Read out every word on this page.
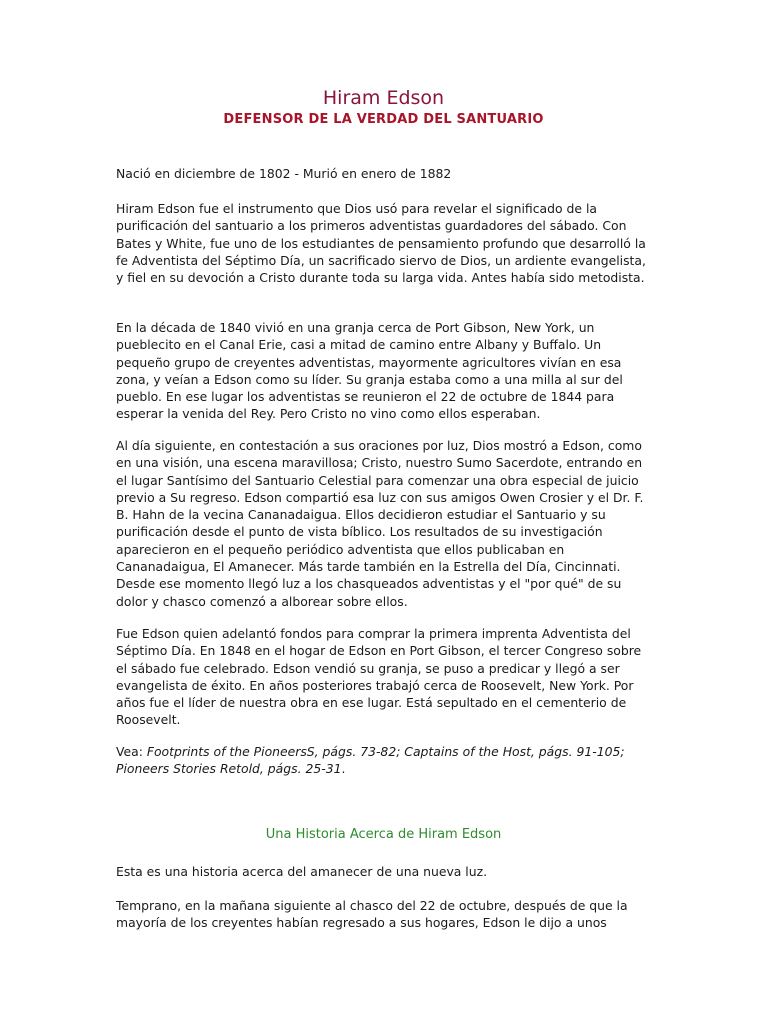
Hiram Edson
DEFENSOR DE LA VERDAD DEL SANTUARIO

Nació en diciembre de 1802 - Murió en enero de 1882

Hiram Edson fue el instrumento que Dios usó para revelar el significado de la purificación del santuario a los primeros adventistas guardadores del sábado. Con Bates y White, fue uno de los estudiantes de pensamiento profundo que desarrolló la fe Adventista del Séptimo Día, un sacrificado siervo de Dios, un ardiente evangelista, y fiel en su devoción a Cristo durante toda su larga vida. Antes había sido metodista.

En la década de 1840 vivió en una granja cerca de Port Gibson, New York, un pueblecito en el Canal Erie, casi a mitad de camino entre Albany y Buffalo. Un pequeño grupo de creyentes adventistas, mayormente agricultores vivían en esa zona, y veían a Edson como su líder. Su granja estaba como a una milla al sur del pueblo. En ese lugar los adventistas se reunieron el 22 de octubre de 1844 para esperar la venida del Rey. Pero Cristo no vino como ellos esperaban.

Al día siguiente, en contestación a sus oraciones por luz, Dios mostró a Edson, como en una visión, una escena maravillosa; Cristo, nuestro Sumo Sacerdote, entrando en el lugar Santísimo del Santuario Celestial para comenzar una obra especial de juicio previo a Su regreso. Edson compartió esa luz con sus amigos Owen Crosier y el Dr. F. B. Hahn de la vecina Cananadaigua. Ellos decidieron estudiar el Santuario y su purificación desde el punto de vista bíblico. Los resultados de su investigación aparecieron en el pequeño periódico adventista que ellos publicaban en Cananadaigua, El Amanecer. Más tarde también en la Estrella del Día, Cincinnati. Desde ese momento llegó luz a los chasqueados adventistas y el "por qué" de su dolor y chasco comenzó a alborear sobre ellos.

Fue Edson quien adelantó fondos para comprar la primera imprenta Adventista del Séptimo Día. En 1848 en el hogar de Edson en Port Gibson, el tercer Congreso sobre el sábado fue celebrado. Edson vendió su granja, se puso a predicar y llegó a ser evangelista de éxito. En años posteriores trabajó cerca de Roosevelt, New York. Por años fue el líder de nuestra obra en ese lugar. Está sepultado en el cementerio de Roosevelt.

Vea: Footprints of the PioneersS, págs. 73-82; Captains of the Host, págs. 91-105; Pioneers Stories Retold, págs. 25-31.

Una Historia Acerca de Hiram Edson

Esta es una historia acerca del amanecer de una nueva luz.

Temprano, en la mañana siguiente al chasco del 22 de octubre, después de que la mayoría de los creyentes habían regresado a sus hogares, Edson le dijo a unos
